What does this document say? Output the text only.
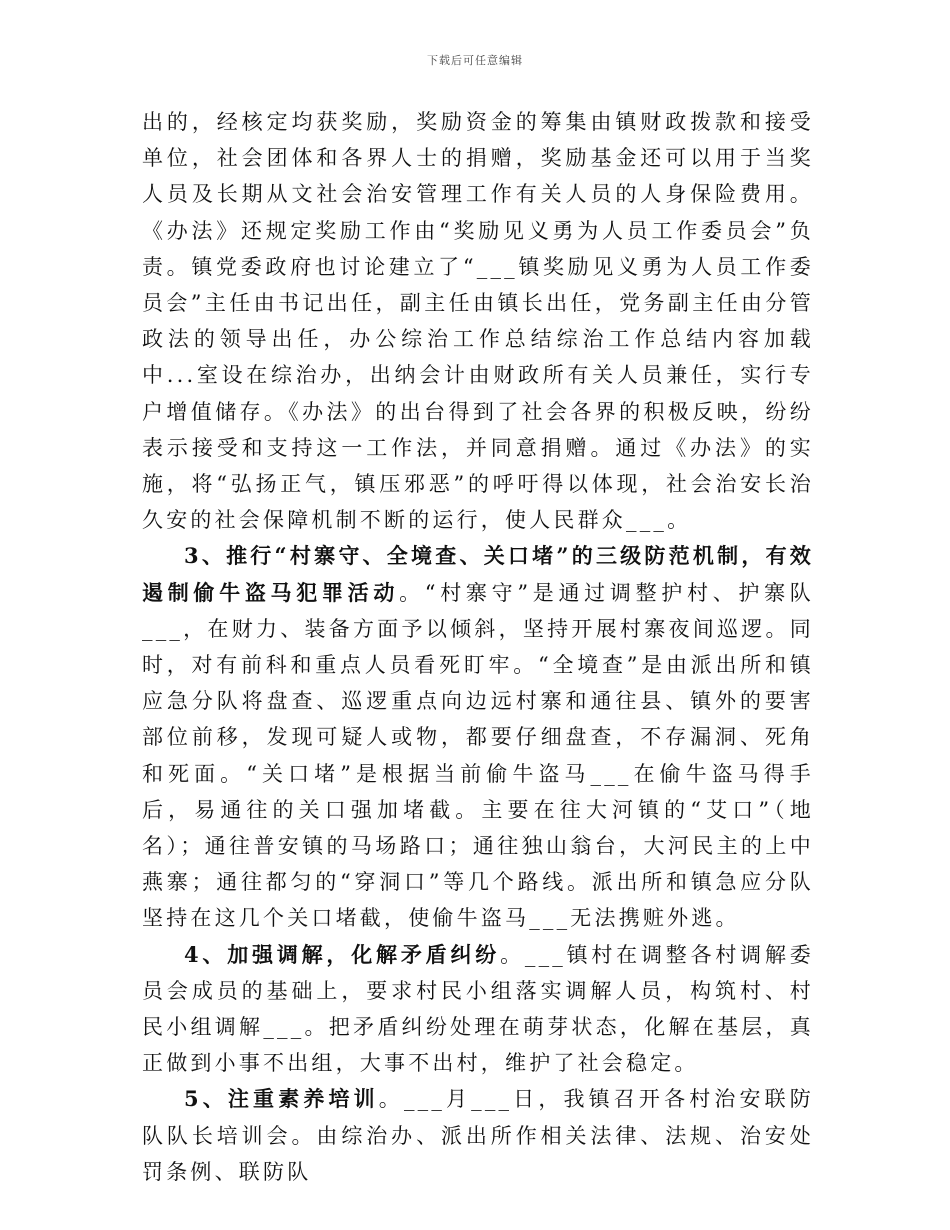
下载后可任意编辑

出的，经核定均获奖励，奖励资金的筹集由镇财政拨款和接受单位，社会团体和各界人士的捐赠，奖励基金还可以用于当奖人员及长期从文社会治安管理工作有关人员的人身保险费用。《办法》还规定奖励工作由“奖励见义勇为人员工作委员会”负责。镇党委政府也讨论建立了“___镇奖励见义勇为人员工作委员会”主任由书记出任，副主任由镇长出任，党务副主任由分管政法的领导出任，办公综治工作总结综治工作总结内容加载中...室设在综治办，出纳会计由财政所有关人员兼任，实行专户增值储存。《办法》的出台得到了社会各界的积极反映，纷纷表示接受和支持这一工作法，并同意捐赠。通过《办法》的实施，将“弘扬正气，镇压邪恶”的呼吁得以体现，社会治安长治久安的社会保障机制不断的运行，使人民群众___。

3、推行“村寨守、全境查、关口堵”的三级防范机制，有效遏制偷牛盗马犯罪活动。“村寨守”是通过调整护村、护寨队___，在财力、装备方面予以倾斜，坚持开展村寨夜间巡逻。同时，对有前科和重点人员看死盯牢。“全境查”是由派出所和镇应急分队将盘查、巡逻重点向边远村寨和通往县、镇外的要害部位前移，发现可疑人或物，都要仔细盘查，不存漏洞、死角和死面。“关口堵”是根据当前偷牛盗马___在偷牛盗马得手后，易通往的关口强加堵截。主要在往大河镇的“艾口”（地名）；通往普安镇的马场路口；通往独山翁台，大河民主的上中燕寨；通往都匀的“穿洞口”等几个路线。派出所和镇急应分队坚持在这几个关口堵截，使偷牛盗马___无法携赃外逃。

4、加强调解，化解矛盾纠纷。___镇村在调整各村调解委员会成员的基础上，要求村民小组落实调解人员，构筑村、村民小组调解___。把矛盾纠纷处理在萌芽状态，化解在基层，真正做到小事不出组，大事不出村，维护了社会稳定。

5、注重素养培训。___月___日，我镇召开各村治安联防队队长培训会。由综治办、派出所作相关法律、法规、治安处罚条例、联防队
